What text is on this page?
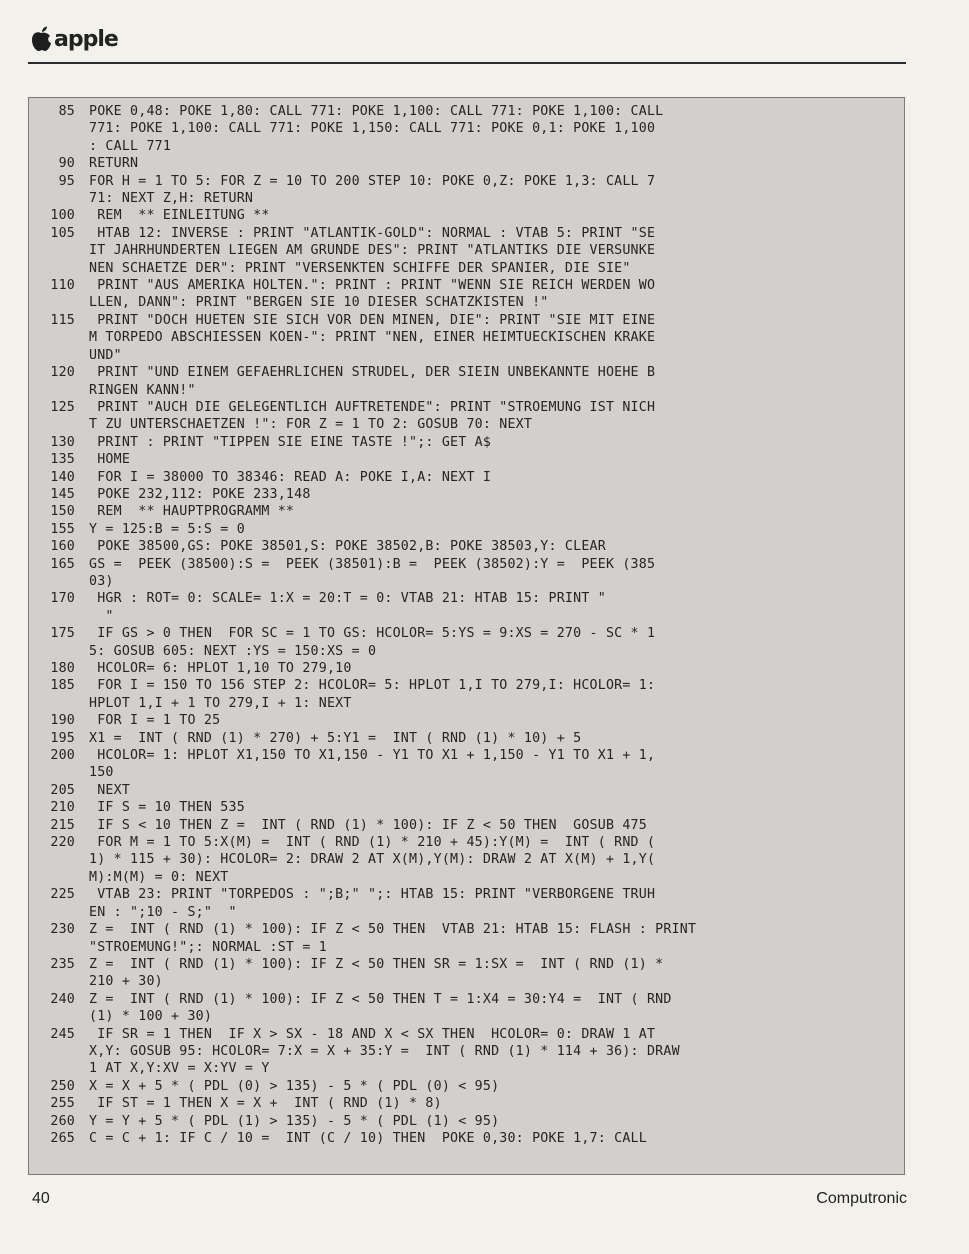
apple
85	POKE 0,48: POKE 1,80: CALL 771: POKE 1,100: CALL 771: POKE 1,100: CALL
771: POKE 1,100: CALL 771: POKE 1,150: CALL 771: POKE 0,1: POKE 1,100
: CALL 771
90	RETURN
95	FOR H = 1 TO 5: FOR Z = 10 TO 200 STEP 10: POKE 0,Z: POKE 1,3: CALL 7
71: NEXT Z,H: RETURN
100	REM  ** EINLEITUNG **
105	HTAB 12: INVERSE : PRINT "ATLANTIK-GOLD": NORMAL : VTAB 5: PRINT "SE
IT JAHRHUNDERTEN LIEGEN AM GRUNDE DES": PRINT "ATLANTIKS DIE VERSUNKE
NEN SCHAETZE DER": PRINT "VERSENKTEN SCHIFFE DER SPANIER, DIE SIE"
110	PRINT "AUS AMERIKA HOLTEN.": PRINT : PRINT "WENN SIE REICH WERDEN WO
LLEN, DANN": PRINT "BERGEN SIE 10 DIESER SCHATZKISTEN !"
115	PRINT "DOCH HUETEN SIE SICH VOR DEN MINEN, DIE": PRINT "SIE MIT EINE
M TORPEDO ABSCHIESSEN KOEN-": PRINT "NEN, EINER HEIMTUECKISCHEN KRAKE
UND"
120	PRINT "UND EINEM GEFAEHRLICHEN STRUDEL, DER SIEIN UNBEKANNTE HOEHE B
RINGEN KANN!"
125	PRINT "AUCH DIE GELEGENTLICH AUFTRETENDE": PRINT "STROEMUNG IST NICH
T ZU UNTERSCHAETZEN !": FOR Z = 1 TO 2: GOSUB 70: NEXT
130	PRINT : PRINT "TIPPEN SIE EINE TASTE !";: GET A$
135	HOME
140	FOR I = 38000 TO 38346: READ A: POKE I,A: NEXT I
145	POKE 232,112: POKE 233,148
150	REM  ** HAUPTPROGRAMM **
155	Y = 125:B = 5:S = 0
160	POKE 38500,GS: POKE 38501,S: POKE 38502,B: POKE 38503,Y: CLEAR
165	GS =  PEEK (38500):S =  PEEK (38501):B =  PEEK (38502):Y =  PEEK (385
03)
170	HGR : ROT= 0: SCALE= 1:X = 20:T = 0: VTAB 21: HTAB 15: PRINT "
"
175	IF GS > 0 THEN  FOR SC = 1 TO GS: HCOLOR= 5:YS = 9:XS = 270 - SC * 1
5: GOSUB 605: NEXT :YS = 150:XS = 0
180	HCOLOR= 6: HPLOT 1,10 TO 279,10
185	FOR I = 150 TO 156 STEP 2: HCOLOR= 5: HPLOT 1,I TO 279,I: HCOLOR= 1:
HPLOT 1,I + 1 TO 279,I + 1: NEXT
190	FOR I = 1 TO 25
195	X1 =  INT ( RND (1) * 270) + 5:Y1 =  INT ( RND (1) * 10) + 5
200	HCOLOR= 1: HPLOT X1,150 TO X1,150 - Y1 TO X1 + 1,150 - Y1 TO X1 + 1,
150
205	NEXT
210	IF S = 10 THEN 535
215	IF S < 10 THEN Z =  INT ( RND (1) * 100): IF Z < 50 THEN  GOSUB 475
220	FOR M = 1 TO 5:X(M) =  INT ( RND (1) * 210 + 45):Y(M) =  INT ( RND (
1) * 115 + 30): HCOLOR= 2: DRAW 2 AT X(M),Y(M): DRAW 2 AT X(M) + 1,Y(
M):M(M) = 0: NEXT
225	VTAB 23: PRINT "TORPEDOS : ";B;" ";: HTAB 15: PRINT "VERBORGENE TRUH
EN : ";10 - S;"  "
230	Z =  INT ( RND (1) * 100): IF Z < 50 THEN  VTAB 21: HTAB 15: FLASH : PRINT
"STROEMUNG!";: NORMAL :ST = 1
235	Z =  INT ( RND (1) * 100): IF Z < 50 THEN SR = 1:SX =  INT ( RND (1) *
210 + 30)
240	Z =  INT ( RND (1) * 100): IF Z < 50 THEN T = 1:X4 = 30:Y4 =  INT ( RND
(1) * 100 + 30)
245	IF SR = 1 THEN  IF X > SX - 18 AND X < SX THEN  HCOLOR= 0: DRAW 1 AT
X,Y: GOSUB 95: HCOLOR= 7:X = X + 35:Y =  INT ( RND (1) * 114 + 36): DRAW
1 AT X,Y:XV = X:YV = Y
250	X = X + 5 * ( PDL (0) > 135) - 5 * ( PDL (0) < 95)
255	IF ST = 1 THEN X = X +  INT ( RND (1) * 8)
260	Y = Y + 5 * ( PDL (1) > 135) - 5 * ( PDL (1) < 95)
265	C = C + 1: IF C / 10 =  INT (C / 10) THEN  POKE 0,30: POKE 1,7: CALL
40	Computronic
